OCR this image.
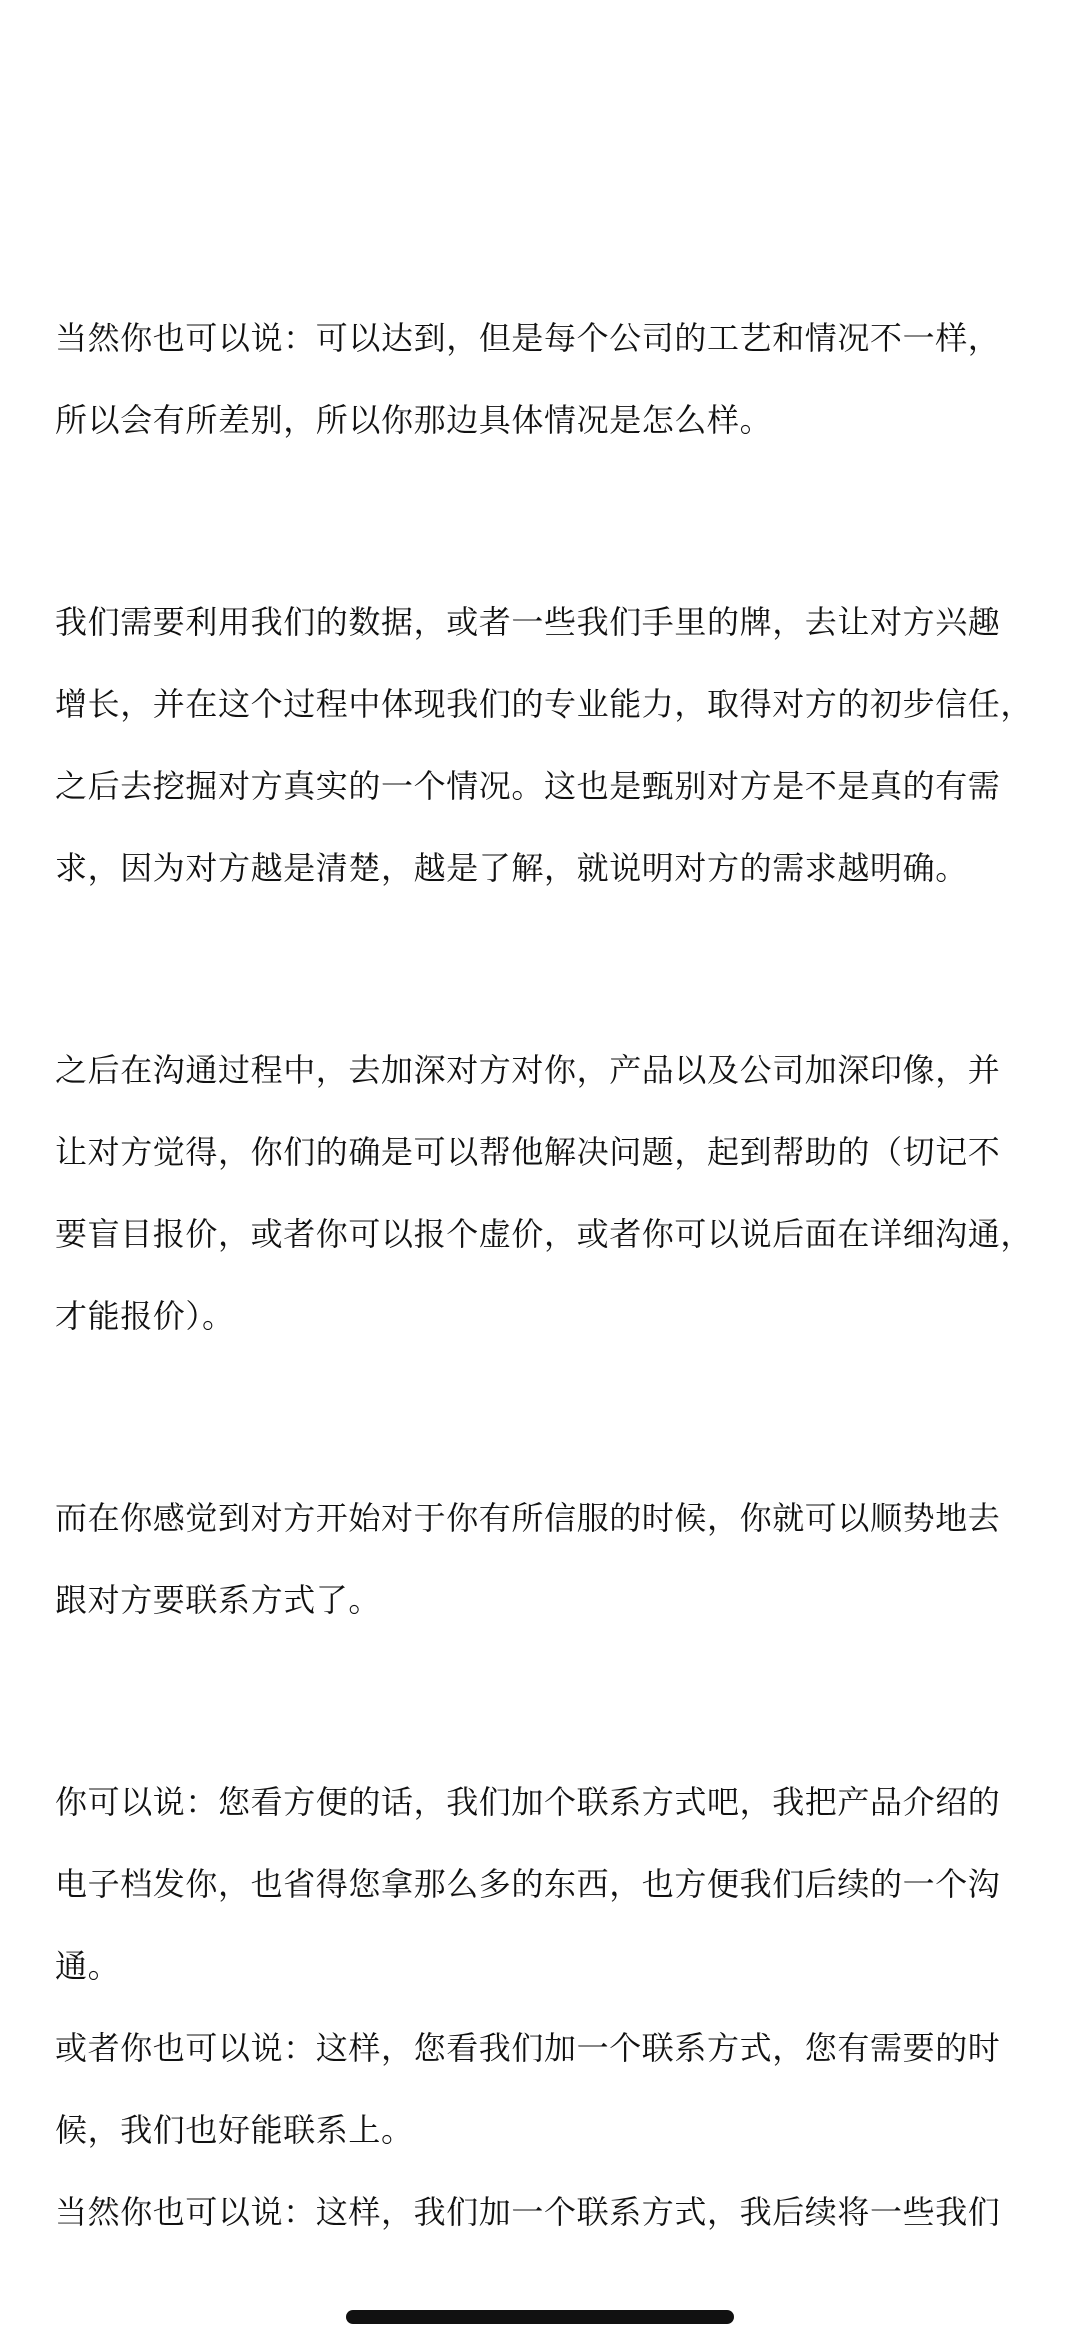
当然你也可以说：可以达到，但是每个公司的工艺和情况不一样，
所以会有所差别，所以你那边具体情况是怎么样。
我们需要利用我们的数据，或者一些我们手里的牌，去让对方兴趣
增长，并在这个过程中体现我们的专业能力，取得对方的初步信任，
之后去挖掘对方真实的一个情况。这也是甄别对方是不是真的有需
求，因为对方越是清楚，越是了解，就说明对方的需求越明确。
之后在沟通过程中，去加深对方对你，产品以及公司加深印像，并
让对方觉得，你们的确是可以帮他解决问题，起到帮助的（切记不
要盲目报价，或者你可以报个虚价，或者你可以说后面在详细沟通，
才能报价）。
而在你感觉到对方开始对于你有所信服的时候，你就可以顺势地去
跟对方要联系方式了。
你可以说：您看方便的话，我们加个联系方式吧，我把产品介绍的
电子档发你，也省得您拿那么多的东西，也方便我们后续的一个沟
通。
或者你也可以说：这样，您看我们加一个联系方式，您有需要的时
候，我们也好能联系上。
当然你也可以说：这样，我们加一个联系方式，我后续将一些我们
